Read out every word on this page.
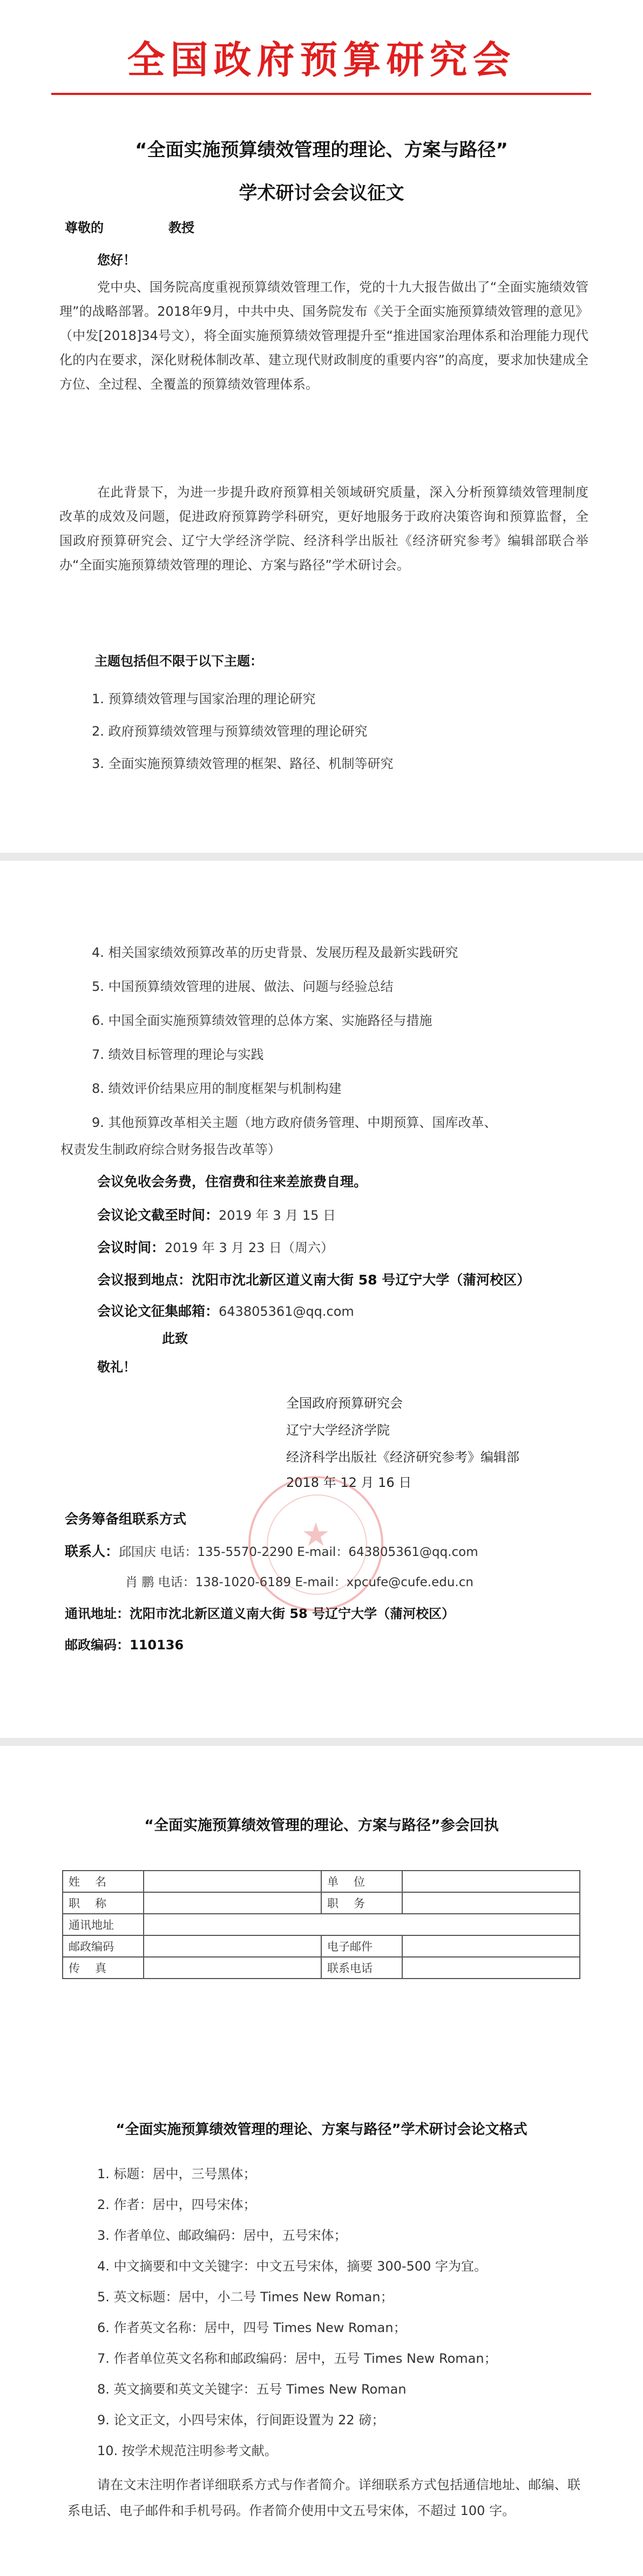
全国政府预算研究会
“全面实施预算绩效管理的理论、方案与路径”
学术研讨会会议征文
尊敬的	教授
您好！
党中央、国务院高度重视预算绩效管理工作，党的十九大报告做出了“全面实施绩效管理”的战略部署。2018年9月，中共中央、国务院发布《关于全面实施预算绩效管理的意见》（中发[2018]34号文），将全面实施预算绩效管理提升至“推进国家治理体系和治理能力现代化的内在要求，深化财税体制改革、建立现代财政制度的重要内容”的高度，要求加快建成全方位、全过程、全覆盖的预算绩效管理体系。
在此背景下，为进一步提升政府预算相关领域研究质量，深入分析预算绩效管理制度改革的成效及问题，促进政府预算跨学科研究，更好地服务于政府决策咨询和预算监督，全国政府预算研究会、辽宁大学经济学院、经济科学出版社《经济研究参考》编辑部联合举办“全面实施预算绩效管理的理论、方案与路径”学术研讨会。
主题包括但不限于以下主题：
1. 预算绩效管理与国家治理的理论研究
2. 政府预算绩效管理与预算绩效管理的理论研究
3. 全面实施预算绩效管理的框架、路径、机制等研究
4. 相关国家绩效预算改革的历史背景、发展历程及最新实践研究
5. 中国预算绩效管理的进展、做法、问题与经验总结
6. 中国全面实施预算绩效管理的总体方案、实施路径与措施
7. 绩效目标管理的理论与实践
8. 绩效评价结果应用的制度框架与机制构建
9. 其他预算改革相关主题（地方政府债务管理、中期预算、国库改革、
权责发生制政府综合财务报告改革等）
会议免收会务费，住宿费和往来差旅费自理。
会议论文截至时间：2019 年 3 月 15 日
会议时间：2019 年 3 月 23 日（周六）
会议报到地点：沈阳市沈北新区道义南大街 58 号辽宁大学（蒲河校区）
会议论文征集邮箱：643805361@qq.com
此致
敬礼！
全国政府预算研究会
辽宁大学经济学院
经济科学出版社《经济研究参考》编辑部
2018 年 12 月 16 日
会务筹备组联系方式
联系人：邱国庆 电话：135-5570-2290 E-mail：643805361@qq.com
肖 鹏 电话：138-1020-6189 E-mail：xpcufe@cufe.edu.cn
通讯地址：沈阳市沈北新区道义南大街 58 号辽宁大学（蒲河校区）
邮政编码：110136
★
“全面实施预算绩效管理的理论、方案与路径”参会回执
姓名		单位	
职称		职务	
通讯地址			
邮政编码		电子邮件	
传真		联系电话	
“全面实施预算绩效管理的理论、方案与路径”学术研讨会论文格式
1. 标题：居中，三号黑体；
2. 作者：居中，四号宋体；
3. 作者单位、邮政编码：居中，五号宋体；
4. 中文摘要和中文关键字：中文五号宋体，摘要 300-500 字为宜。
5. 英文标题：居中，小二号 Times New Roman；
6. 作者英文名称：居中，四号 Times New Roman；
7. 作者单位英文名称和邮政编码：居中，五号 Times New Roman；
8. 英文摘要和英文关键字：五号 Times New Roman
9. 论文正文，小四号宋体，行间距设置为 22 磅；
10. 按学术规范注明参考文献。
请在文末注明作者详细联系方式与作者简介。详细联系方式包括通信地址、邮编、联系电话、电子邮件和手机号码。作者简介使用中文五号宋体，不超过 100 字。
